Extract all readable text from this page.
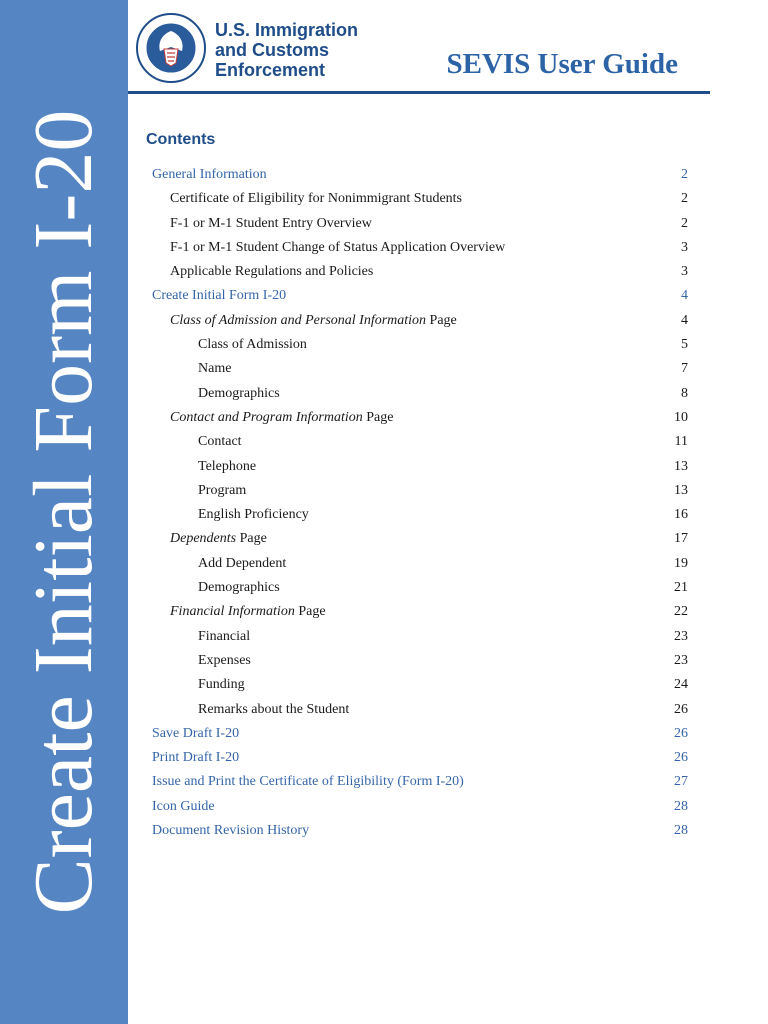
Create Initial Form I-20
U.S. Immigration
and Customs
Enforcement	SEVIS User Guide
Contents
General Information	2
Certificate of Eligibility for Nonimmigrant Students	2
F-1 or M-1 Student Entry Overview	2
F-1 or M-1 Student Change of Status Application Overview	3
Applicable Regulations and Policies	3
Create Initial Form I-20	4
Class of Admission and Personal Information Page	4
Class of Admission	5
Name	7
Demographics	8
Contact and Program Information Page	10
Contact	11
Telephone	13
Program	13
English Proficiency	16
Dependents Page	17
Add Dependent	19
Demographics	21
Financial Information Page	22
Financial	23
Expenses	23
Funding	24
Remarks about the Student	26
Save Draft I-20	26
Print Draft I-20	26
Issue and Print the Certificate of Eligibility (Form I-20)	27
Icon Guide	28
Document Revision History	28
